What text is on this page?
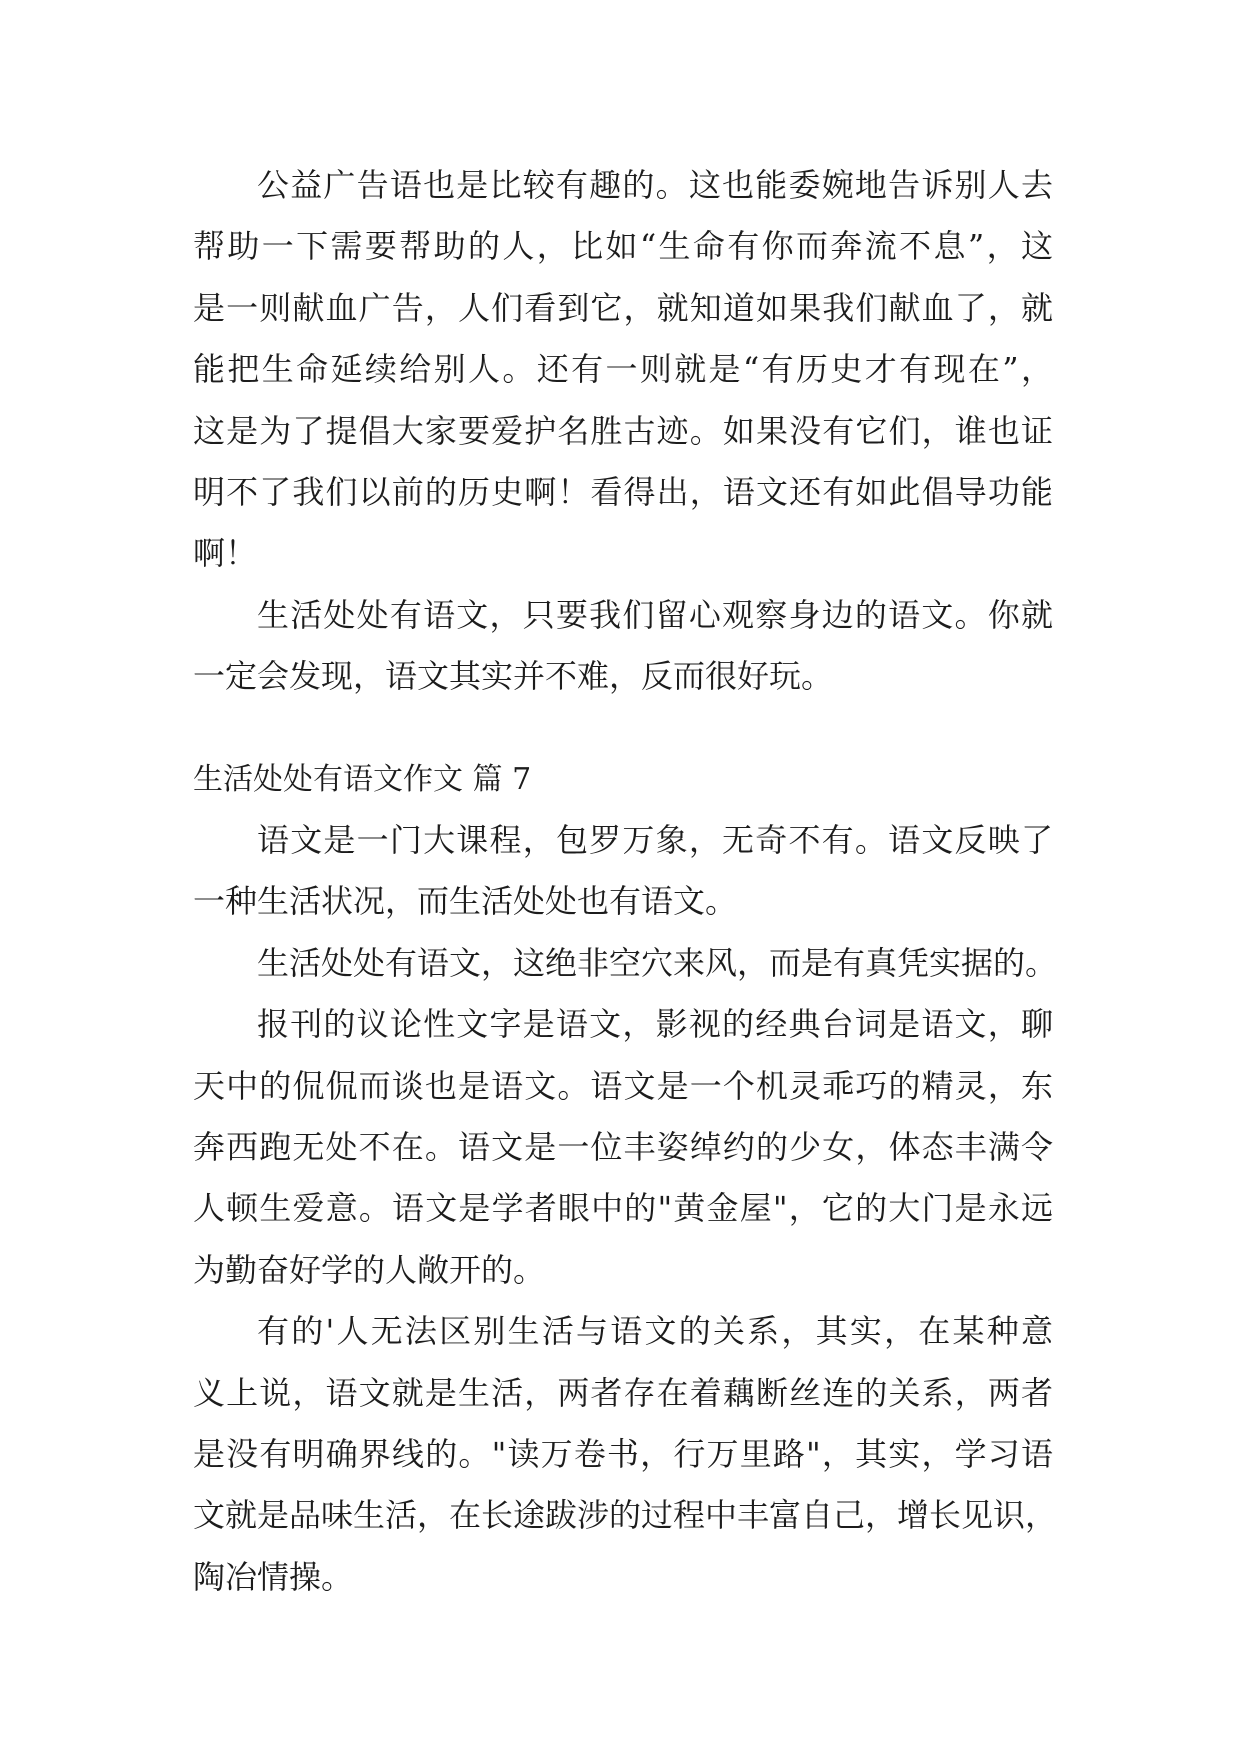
公益广告语也是比较有趣的。这也能委婉地告诉别人去
帮助一下需要帮助的人，比如“生命有你而奔流不息”，这
是一则献血广告，人们看到它，就知道如果我们献血了，就
能把生命延续给别人。还有一则就是“有历史才有现在”，
这是为了提倡大家要爱护名胜古迹。如果没有它们，谁也证
明不了我们以前的历史啊！看得出，语文还有如此倡导功能
啊！
生活处处有语文，只要我们留心观察身边的语文。你就
一定会发现，语文其实并不难，反而很好玩。
生活处处有语文作文 篇 7
语文是一门大课程，包罗万象，无奇不有。语文反映了
一种生活状况，而生活处处也有语文。
生活处处有语文，这绝非空穴来风，而是有真凭实据的。
报刊的议论性文字是语文，影视的经典台词是语文，聊
天中的侃侃而谈也是语文。语文是一个机灵乖巧的精灵，东
奔西跑无处不在。语文是一位丰姿绰约的少女，体态丰满令
人顿生爱意。语文是学者眼中的"黄金屋"，它的大门是永远
为勤奋好学的人敞开的。
有的'人无法区别生活与语文的关系，其实，在某种意
义上说，语文就是生活，两者存在着藕断丝连的关系，两者
是没有明确界线的。"读万卷书，行万里路"，其实，学习语
文就是品味生活，在长途跋涉的过程中丰富自己，增长见识，
陶冶情操。
